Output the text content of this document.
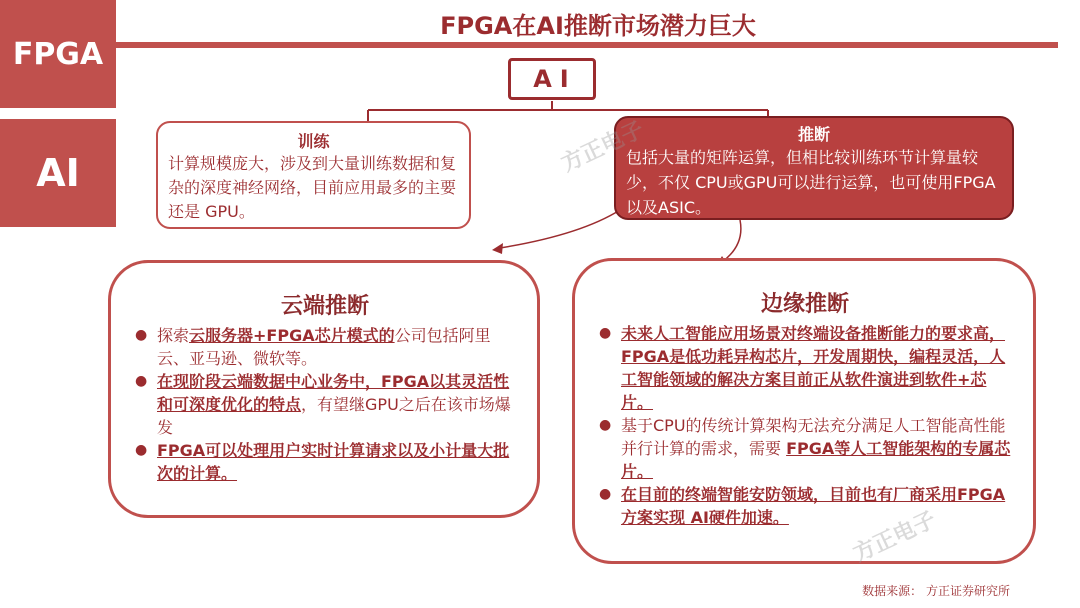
FPGA
AI
FPGA在AI推断市场潜力巨大
AI
训练
计算规模庞大，涉及到大量训练数据和复杂的深度神经网络，目前应用最多的主要还是 GPU。
推断
包括大量的矩阵运算，但相比较训练环节计算量较少，不仅 CPU或GPU可以进行运算，也可使用FPGA以及ASIC。
云端推断
● 探索云服务器+FPGA芯片模式的公司包括阿里云、亚马逊、微软等。
● 在现阶段云端数据中心业务中，FPGA以其灵活性和可深度优化的特点，有望继GPU之后在该市场爆发
● FPGA可以处理用户实时计算请求以及小计量大批次的计算。
边缘推断
● 未来人工智能应用场景对终端设备推断能力的要求高，FPGA是低功耗异构芯片，开发周期快，编程灵活，人工智能领域的解决方案目前正从软件演进到软件+芯片。
● 基于CPU的传统计算架构无法充分满足人工智能高性能并行计算的需求，需要 FPGA等人工智能架构的专属芯片。
● 在目前的终端智能安防领域，目前也有厂商采用FPGA方案实现 AI硬件加速。
方正电子
方正电子
数据来源： 方正证券研究所
